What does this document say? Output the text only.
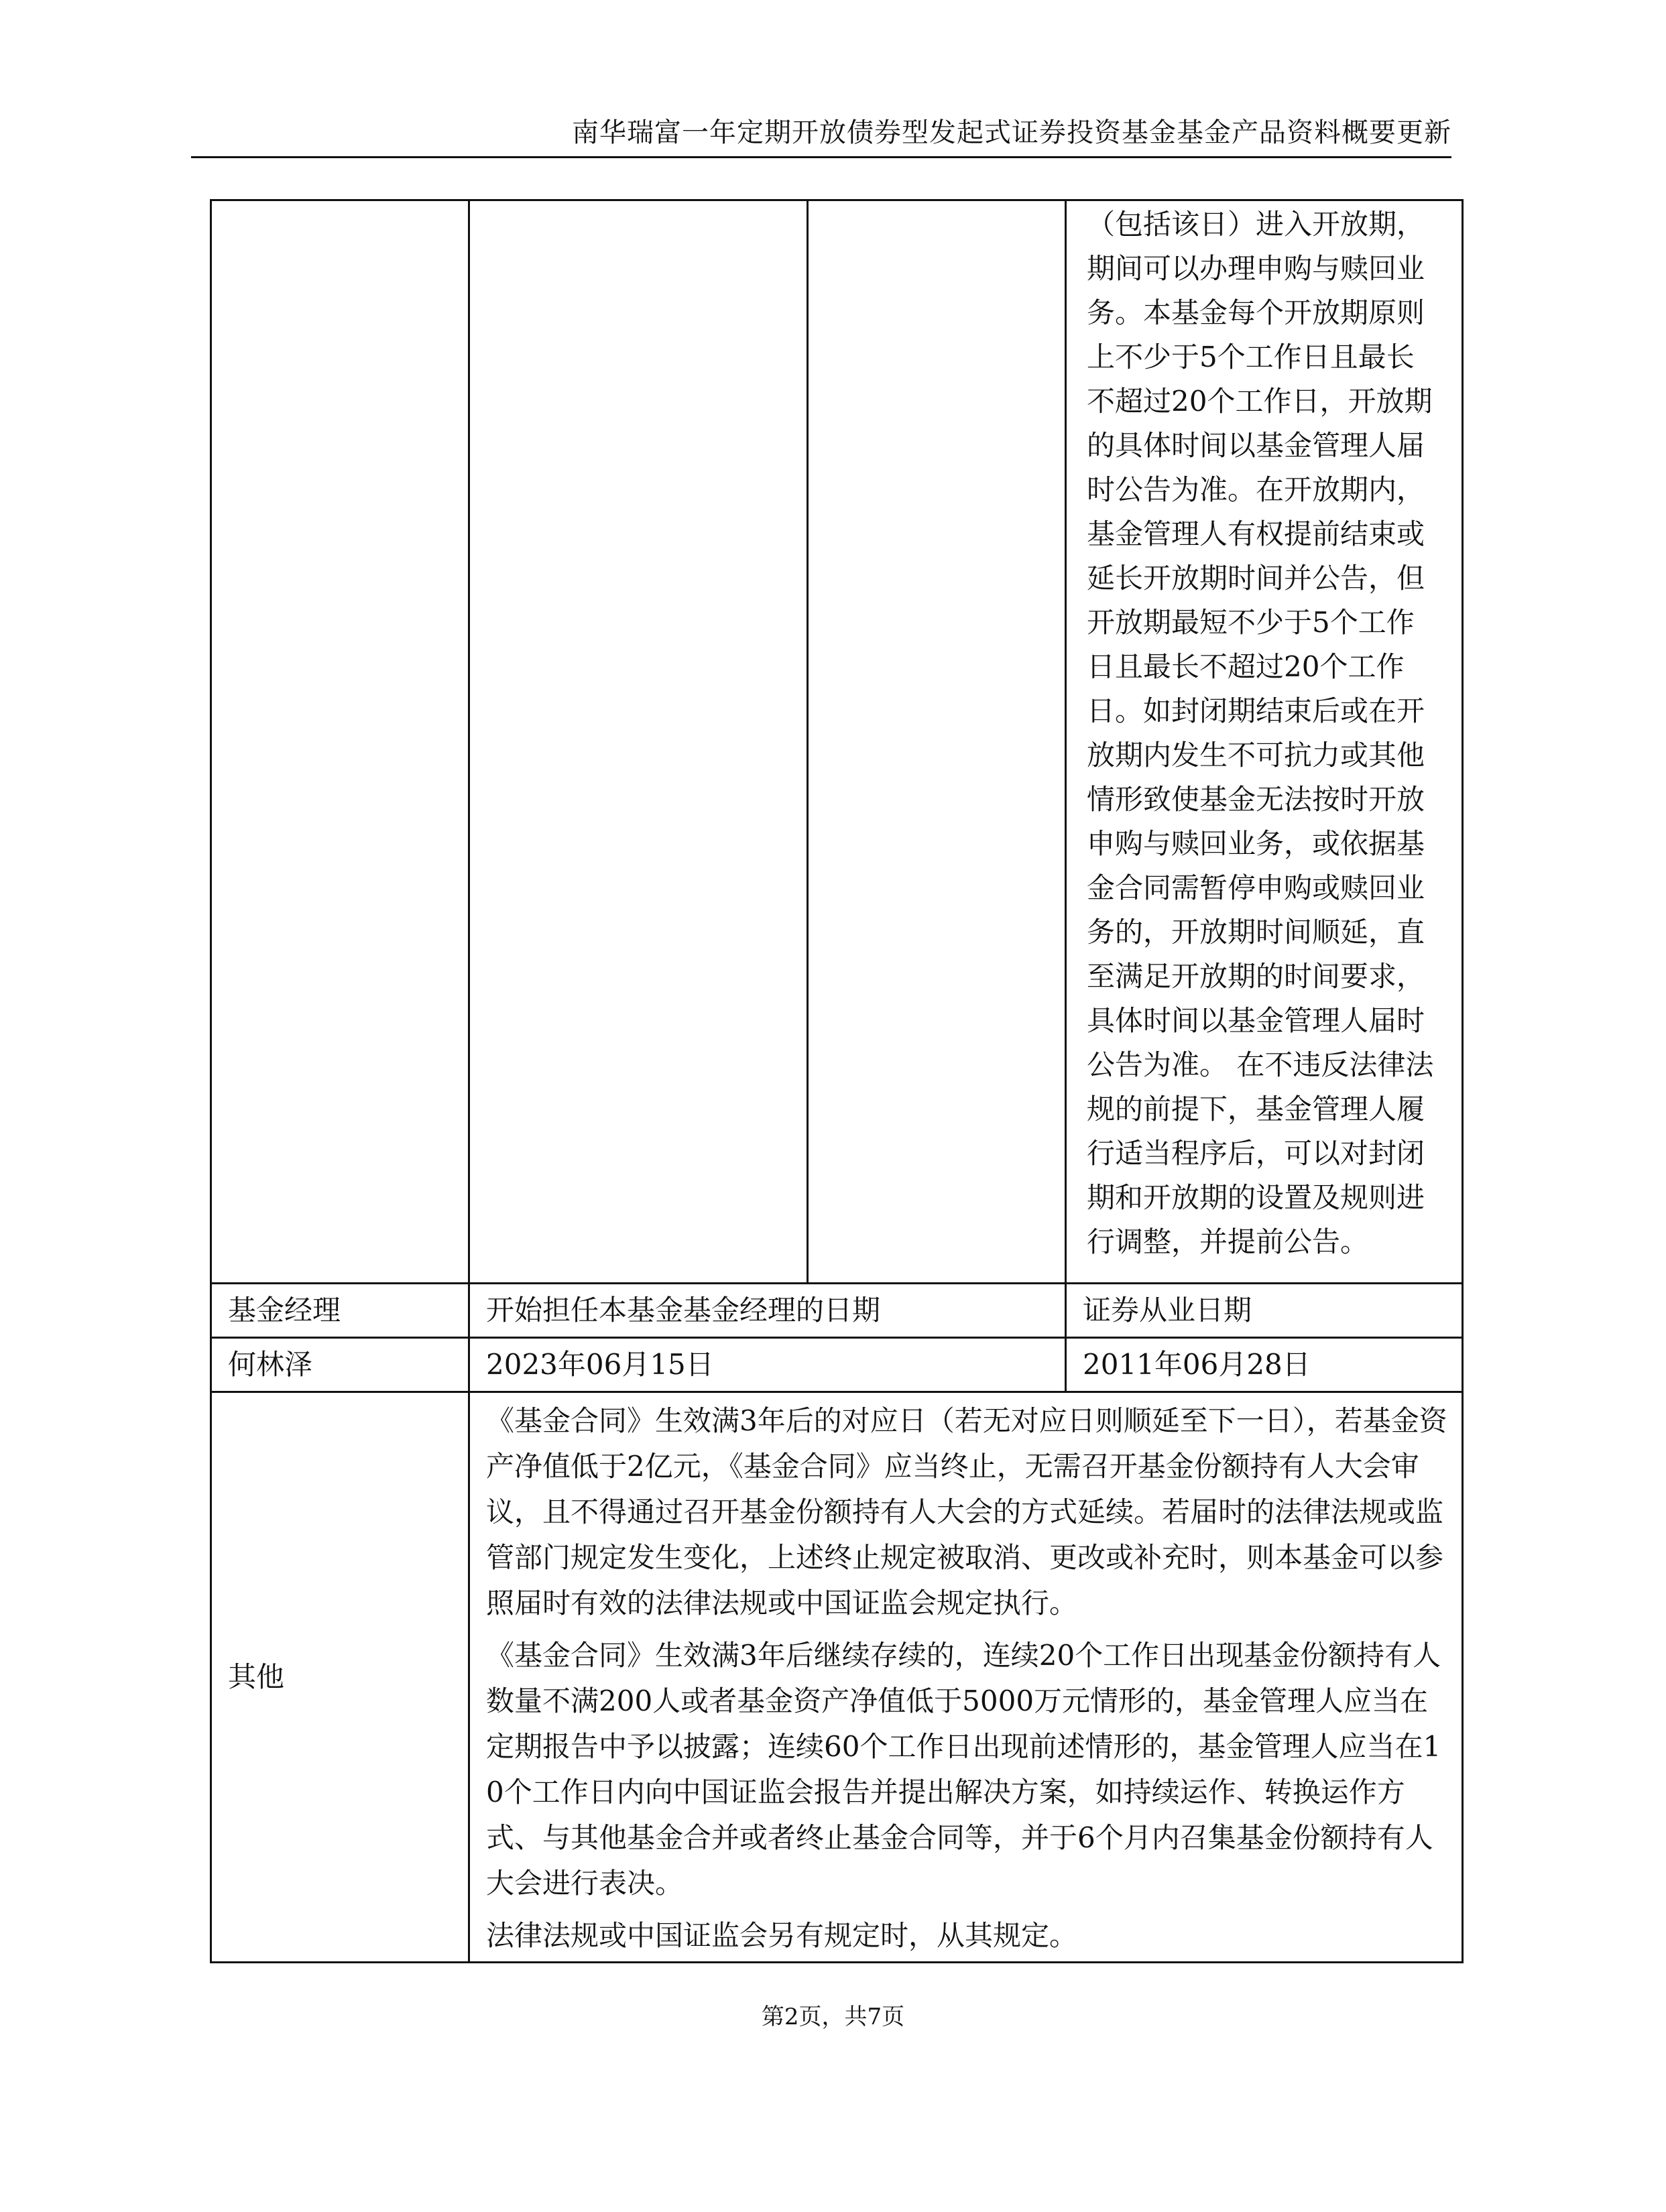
南华瑞富一年定期开放债券型发起式证券投资基金基金产品资料概要更新
			（包括该日）进入开放期，期间可以办理申购与赎回业务。本基金每个开放期原则上不少于5个工作日且最长不超过20个工作日，开放期的具体时间以基金管理人届时公告为准。在开放期内，基金管理人有权提前结束或延长开放期时间并公告，但开放期最短不少于5个工作日且最长不超过20个工作日。如封闭期结束后或在开放期内发生不可抗力或其他情形致使基金无法按时开放申购与赎回业务，或依据基金合同需暂停申购或赎回业务的，开放期时间顺延，直至满足开放期的时间要求，具体时间以基金管理人届时公告为准。 在不违反法律法规的前提下，基金管理人履行适当程序后，可以对封闭期和开放期的设置及规则进行调整，并提前公告。
基金经理	开始担任本基金基金经理的日期		证券从业日期
何林泽	2023年06月15日		2011年06月28日
其他	《基金合同》生效满3年后的对应日（若无对应日则顺延至下一日），若基金资产净值低于2亿元，《基金合同》应当终止，无需召开基金份额持有人大会审议，且不得通过召开基金份额持有人大会的方式延续。若届时的法律法规或监管部门规定发生变化，上述终止规定被取消、更改或补充时，则本基金可以参照届时有效的法律法规或中国证监会规定执行。

《基金合同》生效满3年后继续存续的，连续20个工作日出现基金份额持有人数量不满200人或者基金资产净值低于5000万元情形的，基金管理人应当在定期报告中予以披露；连续60个工作日出现前述情形的，基金管理人应当在10个工作日内向中国证监会报告并提出解决方案，如持续运作、转换运作方式、与其他基金合并或者终止基金合同等，并于6个月内召集基金份额持有人大会进行表决。

法律法规或中国证监会另有规定时，从其规定。		

第2页，共7页
